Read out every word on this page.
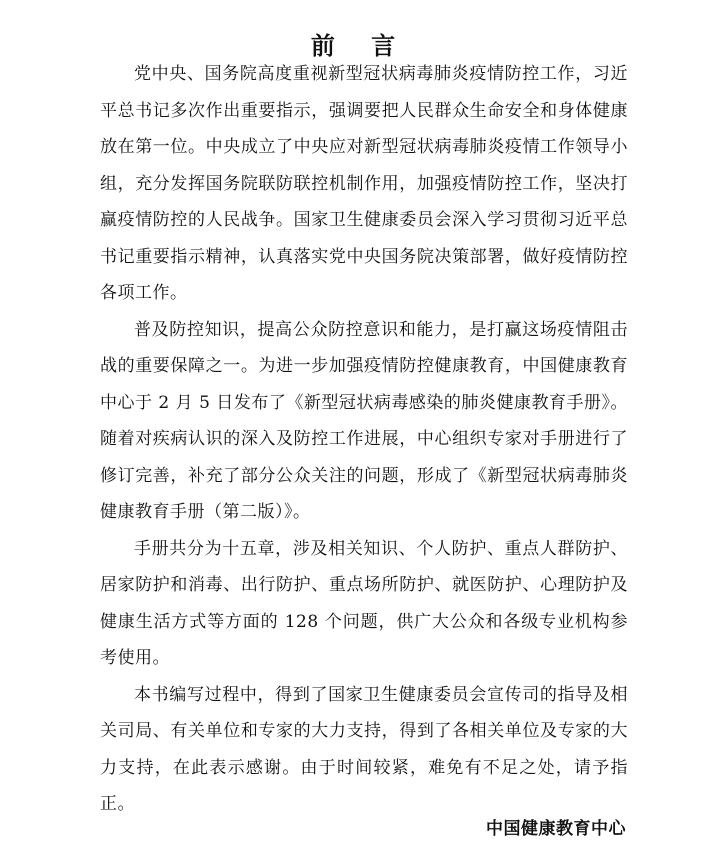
前 言

党中央、国务院高度重视新型冠状病毒肺炎疫情防控工作，习近平总书记多次作出重要指示，强调要把人民群众生命安全和身体健康放在第一位。中央成立了中央应对新型冠状病毒肺炎疫情工作领导小组，充分发挥国务院联防联控机制作用，加强疫情防控工作，坚决打赢疫情防控的人民战争。国家卫生健康委员会深入学习贯彻习近平总书记重要指示精神，认真落实党中央国务院决策部署，做好疫情防控各项工作。

普及防控知识，提高公众防控意识和能力，是打赢这场疫情阻击战的重要保障之一。为进一步加强疫情防控健康教育，中国健康教育中心于 2 月 5 日发布了《新型冠状病毒感染的肺炎健康教育手册》。随着对疾病认识的深入及防控工作进展，中心组织专家对手册进行了修订完善，补充了部分公众关注的问题，形成了《新型冠状病毒肺炎健康教育手册（第二版）》。

手册共分为十五章，涉及相关知识、个人防护、重点人群防护、居家防护和消毒、出行防护、重点场所防护、就医防护、心理防护及健康生活方式等方面的 128 个问题，供广大公众和各级专业机构参考使用。

本书编写过程中，得到了国家卫生健康委员会宣传司的指导及相关司局、有关单位和专家的大力支持，得到了各相关单位及专家的大力支持，在此表示感谢。由于时间较紧，难免有不足之处，请予指正。

中国健康教育中心
